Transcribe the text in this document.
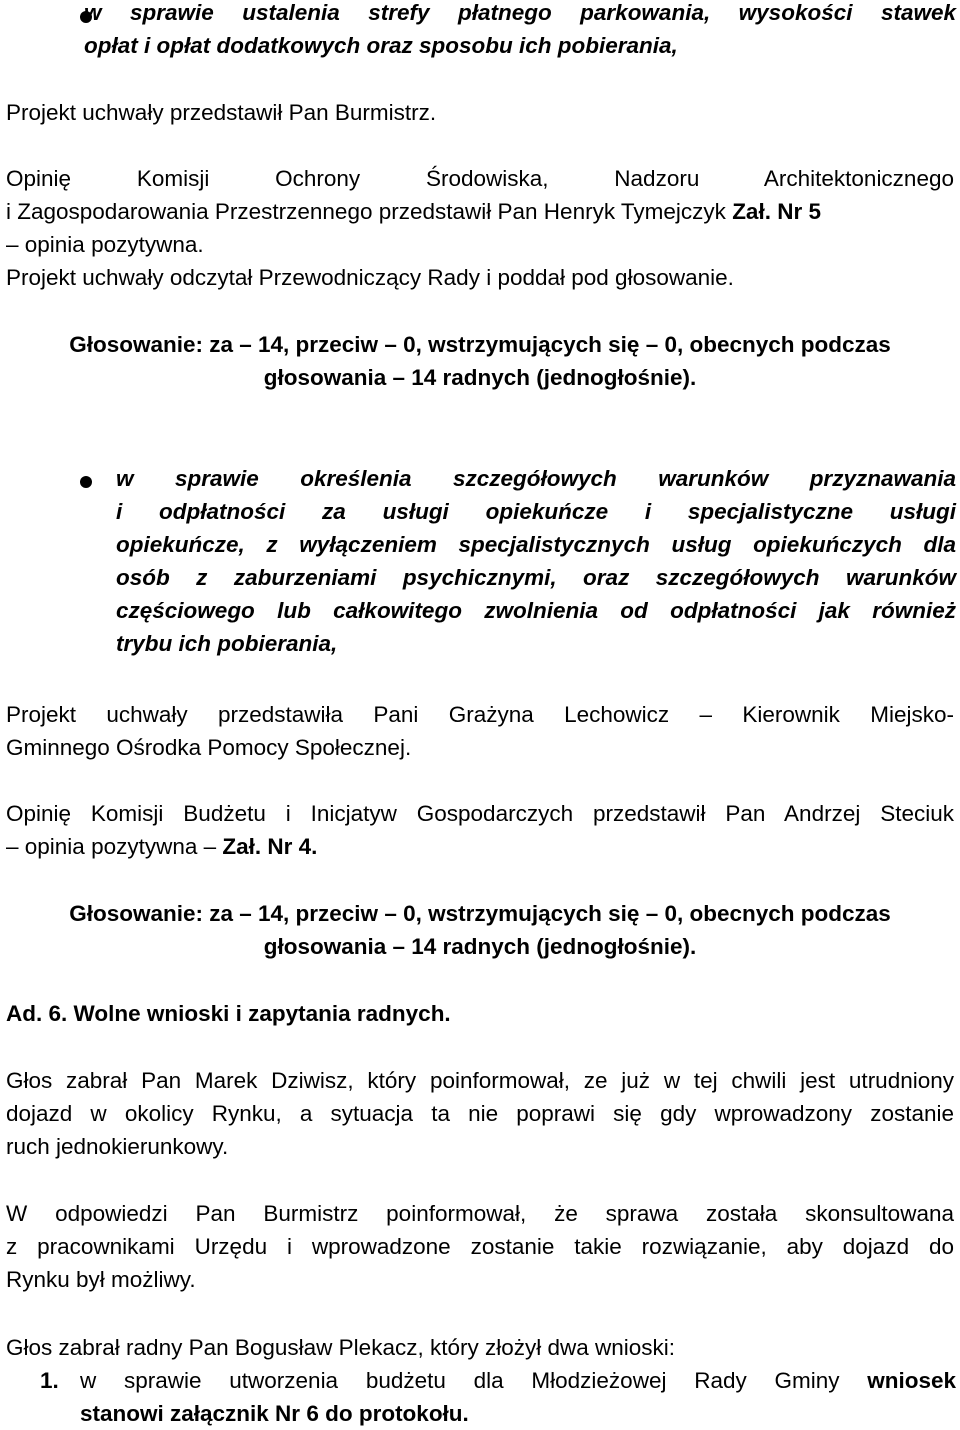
w sprawie ustalenia strefy płatnego parkowania, wysokości stawek
opłat i opłat dodatkowych oraz sposobu ich pobierania,
Projekt uchwały przedstawił Pan Burmistrz.
Opinię Komisji Ochrony Środowiska, Nadzoru Architektonicznego
i Zagospodarowania Przestrzennego przedstawił Pan Henryk Tymejczyk Zał. Nr 5
– opinia pozytywna.
Projekt uchwały odczytał Przewodniczący Rady i poddał pod głosowanie.
Głosowanie: za – 14, przeciw – 0, wstrzymujących się – 0, obecnych podczas
głosowania – 14 radnych (jednogłośnie).
w sprawie określenia szczegółowych warunków przyznawania
i odpłatności za usługi opiekuńcze i specjalistyczne usługi
opiekuńcze, z wyłączeniem specjalistycznych usług opiekuńczych dla
osób z zaburzeniami psychicznymi, oraz szczegółowych warunków
częściowego lub całkowitego zwolnienia od odpłatności jak również
trybu ich pobierania,
Projekt uchwały przedstawiła Pani Grażyna Lechowicz – Kierownik Miejsko-
Gminnego Ośrodka Pomocy Społecznej.
Opinię Komisji Budżetu i Inicjatyw Gospodarczych przedstawił Pan Andrzej Steciuk
– opinia pozytywna – Zał. Nr 4.
Głosowanie: za – 14, przeciw – 0, wstrzymujących się – 0, obecnych podczas
głosowania – 14 radnych (jednogłośnie).
Ad. 6. Wolne wnioski i zapytania radnych.
Głos zabrał Pan Marek Dziwisz, który poinformował, ze już w tej chwili jest utrudniony
dojazd w okolicy Rynku, a sytuacja ta nie poprawi się gdy wprowadzony zostanie
ruch jednokierunkowy.
W odpowiedzi Pan Burmistrz poinformował, że sprawa została skonsultowana
z pracownikami Urzędu i wprowadzone zostanie takie rozwiązanie, aby dojazd do
Rynku był możliwy.
Głos zabrał radny Pan Bogusław Plekacz, który złożył dwa wnioski:
1. w sprawie utworzenia budżetu dla Młodzieżowej Rady Gminy wniosek
stanowi załącznik Nr 6 do protokołu.
